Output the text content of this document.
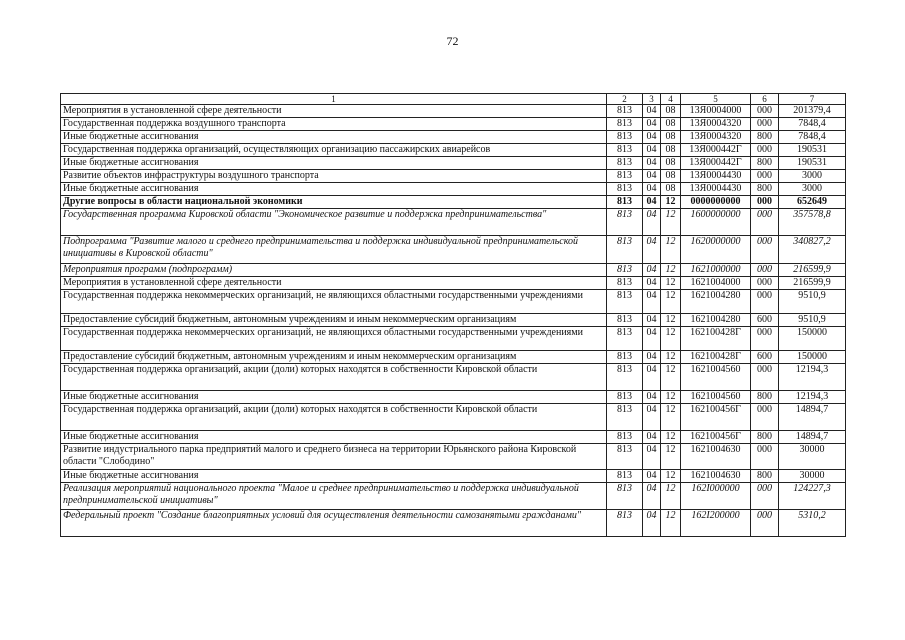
72
1	2	3	4	5	6	7
Мероприятия в установленной сфере деятельности	813	04	08	13Я0004000	000	201379,4
Государственная поддержка воздушного транспорта	813	04	08	13Я0004320	000	7848,4
Иные бюджетные ассигнования	813	04	08	13Я0004320	800	7848,4
Государственная поддержка организаций, осуществляющих организацию пассажирских авиарейсов	813	04	08	13Я000442Г	000	190531
Иные бюджетные ассигнования	813	04	08	13Я000442Г	800	190531
Развитие объектов инфраструктуры воздушного транспорта	813	04	08	13Я0004430	000	3000
Иные бюджетные ассигнования	813	04	08	13Я0004430	800	3000
Другие вопросы в области национальной экономики	813	04	12	0000000000	000	652649
Государственная программа Кировской области "Экономическое развитие и поддержка предпринимательства"	813	04	12	1600000000	000	357578,8
Подпрограмма "Развитие малого и среднего предпринимательства и поддержка индивидуальной предпринимательской инициативы в Кировской области"	813	04	12	1620000000	000	340827,2
Мероприятия программ (подпрограмм)	813	04	12	1621000000	000	216599,9
Мероприятия в установленной сфере деятельности	813	04	12	1621004000	000	216599,9
Государственная поддержка некоммерческих организаций, не являющихся областными государственными учреждениями	813	04	12	1621004280	000	9510,9
Предоставление субсидий бюджетным, автономным учреждениям и иным некоммерческим организациям	813	04	12	1621004280	600	9510,9
Государственная поддержка некоммерческих организаций, не являющихся областными государственными учреждениями	813	04	12	162100428Г	000	150000
Предоставление субсидий бюджетным, автономным учреждениям и иным некоммерческим организациям	813	04	12	162100428Г	600	150000
Государственная поддержка организаций, акции (доли) которых находятся в собственности Кировской области	813	04	12	1621004560	000	12194,3
Иные бюджетные ассигнования	813	04	12	1621004560	800	12194,3
Государственная поддержка организаций, акции (доли) которых находятся в собственности Кировской области	813	04	12	162100456Г	000	14894,7
Иные бюджетные ассигнования	813	04	12	162100456Г	800	14894,7
Развитие индустриального парка предприятий малого и среднего бизнеса на территории Юрьянского района Кировской области "Слободино"	813	04	12	1621004630	000	30000
Иные бюджетные ассигнования	813	04	12	1621004630	800	30000
Реализация мероприятий национального проекта "Малое и среднее предпринимательство и поддержка индивидуальной предпринимательской инициативы"	813	04	12	162I000000	000	124227,3
Федеральный проект "Создание благоприятных условий для осуществления деятельности самозанятыми гражданами"	813	04	12	162I200000	000	5310,2
